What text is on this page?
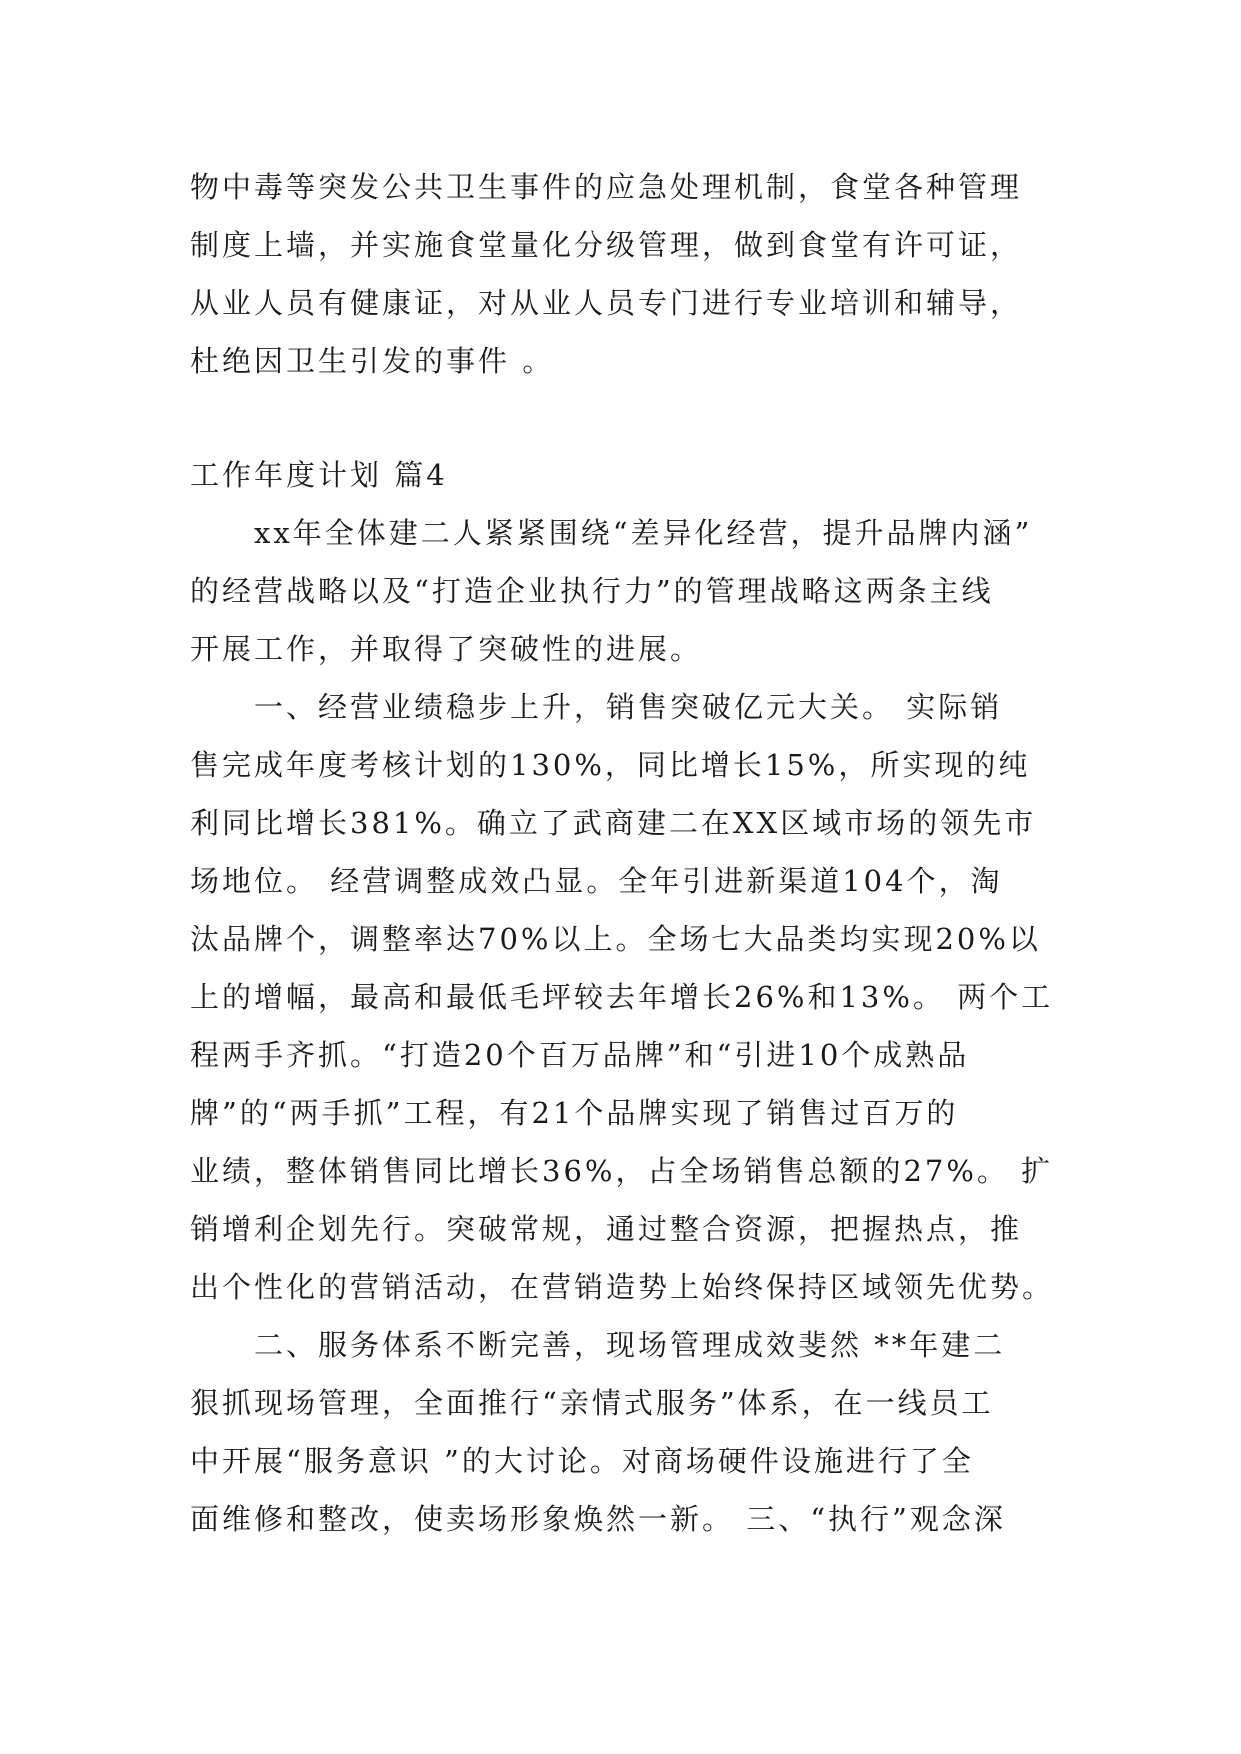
物中毒等突发公共卫生事件的应急处理机制，食堂各种管理
制度上墙，并实施食堂量化分级管理，做到食堂有许可证，
从业人员有健康证，对从业人员专门进行专业培训和辅导，
杜绝因卫生引发的事件 。
工作年度计划 篇4
　　xx年全体建二人紧紧围绕“差异化经营，提升品牌内涵”
的经营战略以及“打造企业执行力”的管理战略这两条主线
开展工作，并取得了突破性的进展。
　　一、经营业绩稳步上升，销售突破亿元大关。 实际销
售完成年度考核计划的130%，同比增长15%，所实现的纯
利同比增长381%。确立了武商建二在XX区域市场的领先市
场地位。 经营调整成效凸显。全年引进新渠道104个，淘
汰品牌个，调整率达70%以上。全场七大品类均实现20%以
上的增幅，最高和最低毛坪较去年增长26%和13%。 两个工
程两手齐抓。“打造20个百万品牌”和“引进10个成熟品
牌”的“两手抓”工程，有21个品牌实现了销售过百万的
业绩，整体销售同比增长36%，占全场销售总额的27%。 扩
销增利企划先行。突破常规，通过整合资源，把握热点，推
出个性化的营销活动，在营销造势上始终保持区域领先优势。
　　二、服务体系不断完善，现场管理成效斐然 **年建二
狠抓现场管理，全面推行“亲情式服务”体系，在一线员工
中开展“服务意识 ”的大讨论。对商场硬件设施进行了全
面维修和整改，使卖场形象焕然一新。 三、“执行”观念深
